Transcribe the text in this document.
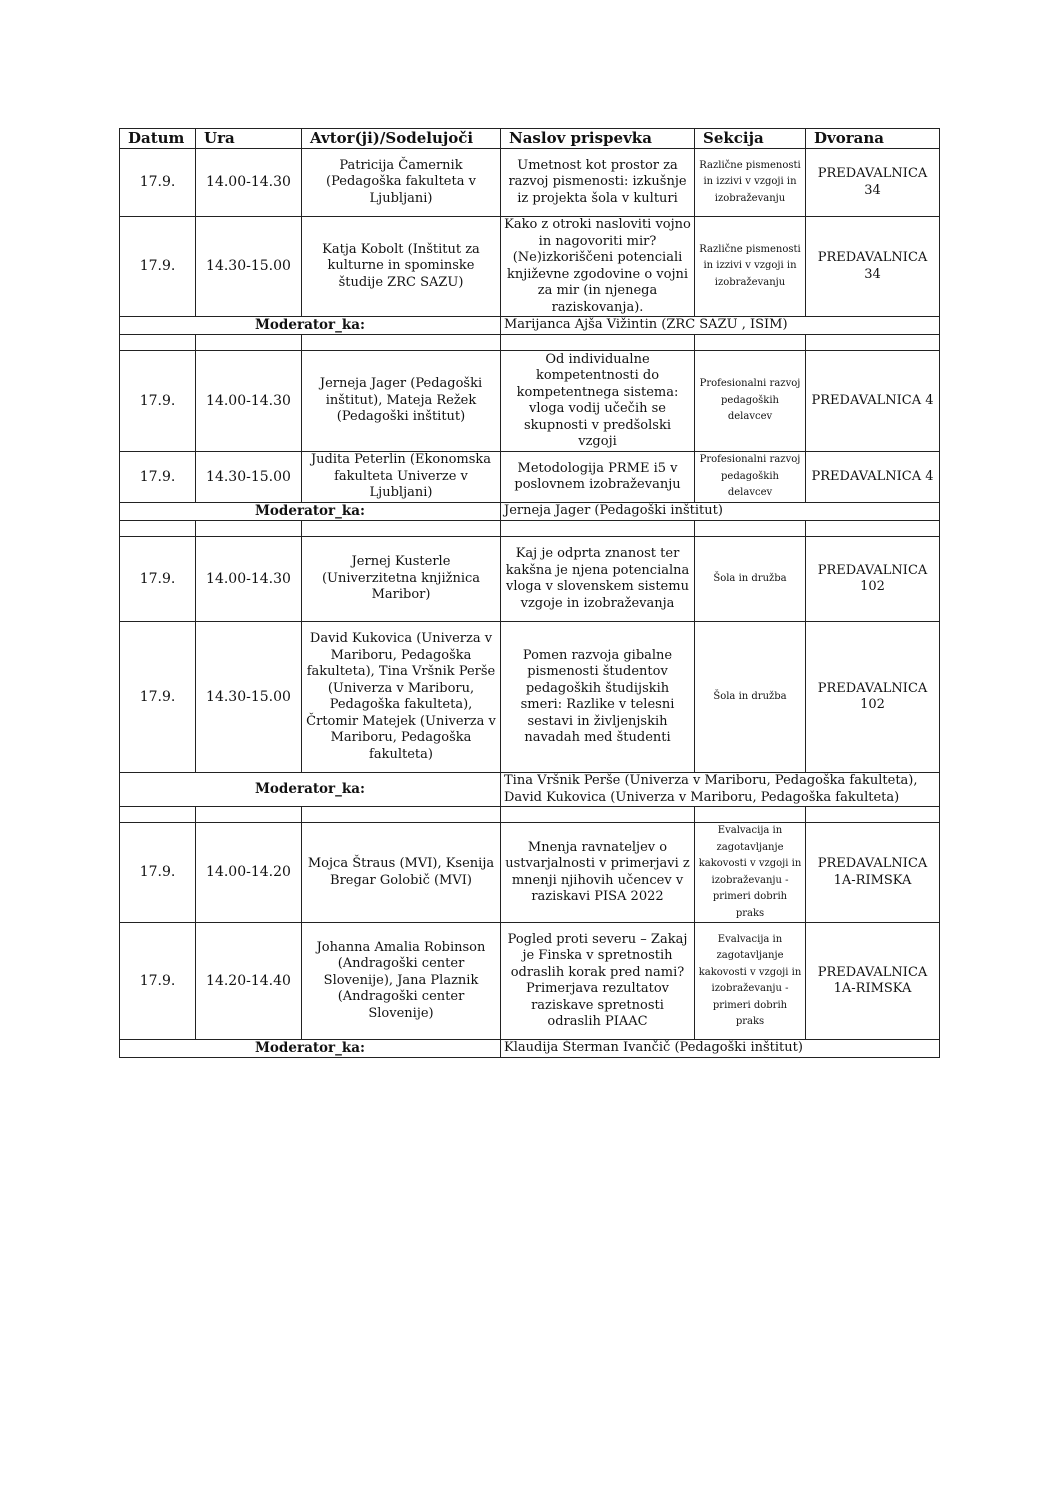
Datum	Ura	Avtor(ji)/Sodelujoči	Naslov prispevka	Sekcija	Dvorana
17.9.	14.00-14.30	Patricija Čamernik (Pedagoška fakulteta v Ljubljani)	Umetnost kot prostor za razvoj pismenosti: izkušnje iz projekta šola v kulturi	Različne pismenosti in izzivi v vzgoji in izobraževanju	PREDAVALNICA 34
17.9.	14.30-15.00	Katja Kobolt (Inštitut za kulturne in spominske študije ZRC SAZU)	Kako z otroki nasloviti vojno in nagovoriti mir? (Ne)izkoriščeni potenciali književne zgodovine o vojni za mir (in njenega raziskovanja).	Različne pismenosti in izzivi v vzgoji in izobraževanju	PREDAVALNICA 34
Moderator_ka:			Marijanca Ajša Vižintin (ZRC SAZU , ISIM)		

17.9.	14.00-14.30	Jerneja Jager (Pedagoški inštitut), Mateja Režek (Pedagoški inštitut)	Od individualne kompetentnosti do kompetentnega sistema: vloga vodij učečih se skupnosti v predšolski vzgoji	Profesionalni razvoj pedagoških delavcev	PREDAVALNICA 4
17.9.	14.30-15.00	Judita Peterlin (Ekonomska fakulteta Univerze v Ljubljani)	Metodologija PRME i5 v poslovnem izobraževanju	Profesionalni razvoj pedagoških delavcev	PREDAVALNICA 4
Moderator_ka:			Jerneja Jager (Pedagoški inštitut)		

17.9.	14.00-14.30	Jernej Kusterle (Univerzitetna knjižnica Maribor)	Kaj je odprta znanost ter kakšna je njena potencialna vloga v slovenskem sistemu vzgoje in izobraževanja	Šola in družba	PREDAVALNICA 102
17.9.	14.30-15.00	David Kukovica (Univerza v Mariboru, Pedagoška fakulteta), Tina Vršnik Perše (Univerza v Mariboru, Pedagoška fakulteta), Črtomir Matejek (Univerza v Mariboru, Pedagoška fakulteta)	Pomen razvoja gibalne pismenosti študentov pedagoških študijskih smeri: Razlike v telesni sestavi in življenjskih navadah med študenti	Šola in družba	PREDAVALNICA 102
Moderator_ka:			Tina Vršnik Perše (Univerza v Mariboru, Pedagoška fakulteta), David Kukovica (Univerza v Mariboru, Pedagoška fakulteta)		

17.9.	14.00-14.20	Mojca Štraus (MVI), Ksenija Bregar Golobič (MVI)	Mnenja ravnateljev o ustvarjalnosti v primerjavi z mnenji njihovih učencev v raziskavi PISA 2022	Evalvacija in zagotavljanje kakovosti v vzgoji in izobraževanju - primeri dobrih praks	PREDAVALNICA 1A-RIMSKA
17.9.	14.20-14.40	Johanna Amalia Robinson (Andragoški center Slovenije), Jana Plaznik (Andragoški center Slovenije)	Pogled proti severu – Zakaj je Finska v spretnostih odraslih korak pred nami? Primerjava rezultatov raziskave spretnosti odraslih PIAAC	Evalvacija in zagotavljanje kakovosti v vzgoji in izobraževanju - primeri dobrih praks	PREDAVALNICA 1A-RIMSKA
Moderator_ka:			Klaudija Šterman Ivančič (Pedagoški inštitut)		
